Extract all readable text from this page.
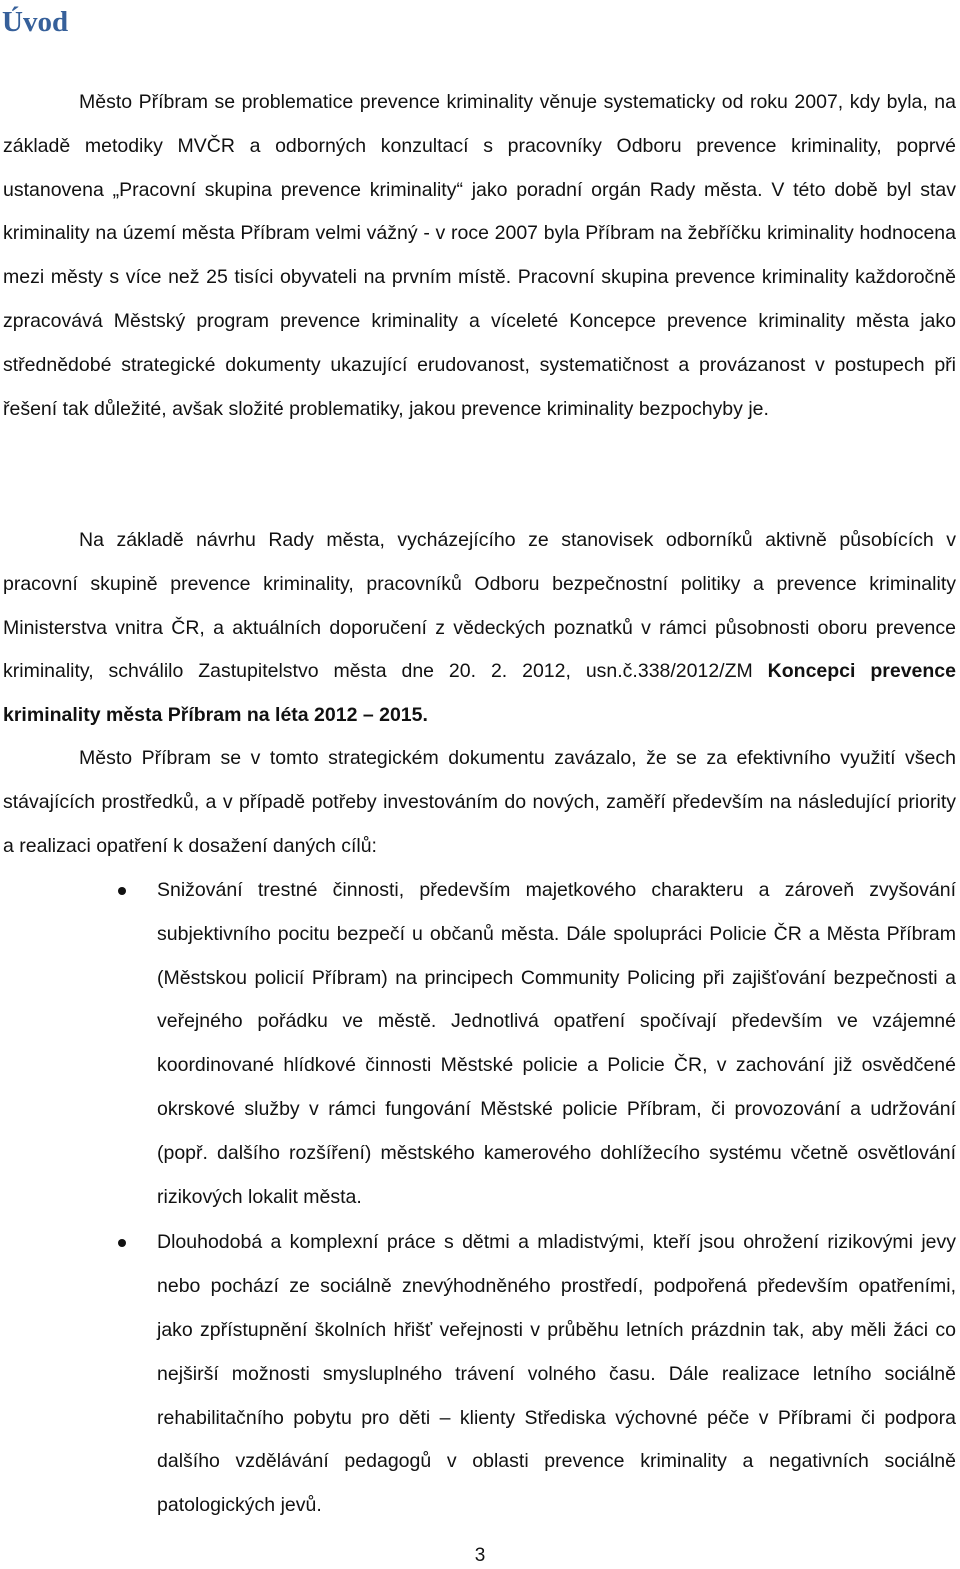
Úvod

Město Příbram se problematice prevence kriminality věnuje systematicky od roku 2007, kdy byla, na základě metodiky MVČR a odborných konzultací s pracovníky Odboru prevence kriminality, poprvé ustanovena „Pracovní skupina prevence kriminality“ jako poradní orgán Rady města. V této době byl stav kriminality na území města Příbram velmi vážný - v roce 2007 byla Příbram na žebříčku kriminality hodnocena mezi městy s více než 25 tisíci obyvateli na prvním místě. Pracovní skupina prevence kriminality každoročně zpracovává Městský program prevence kriminality a víceleté Koncepce prevence kriminality města jako střednědobé strategické dokumenty ukazující erudovanost, systematičnost a provázanost v postupech při řešení tak důležité, avšak složité problematiky, jakou prevence kriminality bezpochyby je.

Na základě návrhu Rady města, vycházejícího ze stanovisek odborníků aktivně působících v pracovní skupině prevence kriminality, pracovníků Odboru bezpečnostní politiky a prevence kriminality Ministerstva vnitra ČR, a aktuálních doporučení z vědeckých poznatků v rámci působnosti oboru prevence kriminality, schválilo Zastupitelstvo města dne 20. 2. 2012, usn.č.338/2012/ZM Koncepci prevence kriminality města Příbram na léta 2012 – 2015.

Město Příbram se v tomto strategickém dokumentu zavázalo, že se za efektivního využití všech stávajících prostředků, a v případě potřeby investováním do nových, zaměří především na následující priority a realizaci opatření k dosažení daných cílů:

Snižování trestné činnosti, především majetkového charakteru a zároveň zvyšování subjektivního pocitu bezpečí u občanů města. Dále spolupráci Policie ČR a Města Příbram (Městskou policií Příbram) na principech Community Policing při zajišťování bezpečnosti a veřejného pořádku ve městě. Jednotlivá opatření spočívají především ve vzájemné koordinované hlídkové činnosti Městské policie a Policie ČR, v zachování již osvědčené okrskové služby v rámci fungování Městské policie Příbram, či provozování a udržování (popř. dalšího rozšíření) městského kamerového dohlížecího systému včetně osvětlování rizikových lokalit města.
Dlouhodobá a komplexní práce s dětmi a mladistvými, kteří jsou ohrožení rizikovými jevy nebo pochází ze sociálně znevýhodněného prostředí, podpořená především opatřeními, jako zpřístupnění školních hřišť veřejnosti v průběhu letních prázdnin tak, aby měli žáci co nejširší možnosti smysluplného trávení volného času. Dále realizace letního sociálně rehabilitačního pobytu pro děti – klienty Střediska výchovné péče v Příbrami či podpora dalšího vzdělávání pedagogů v oblasti prevence kriminality a negativních sociálně patologických jevů.
3
